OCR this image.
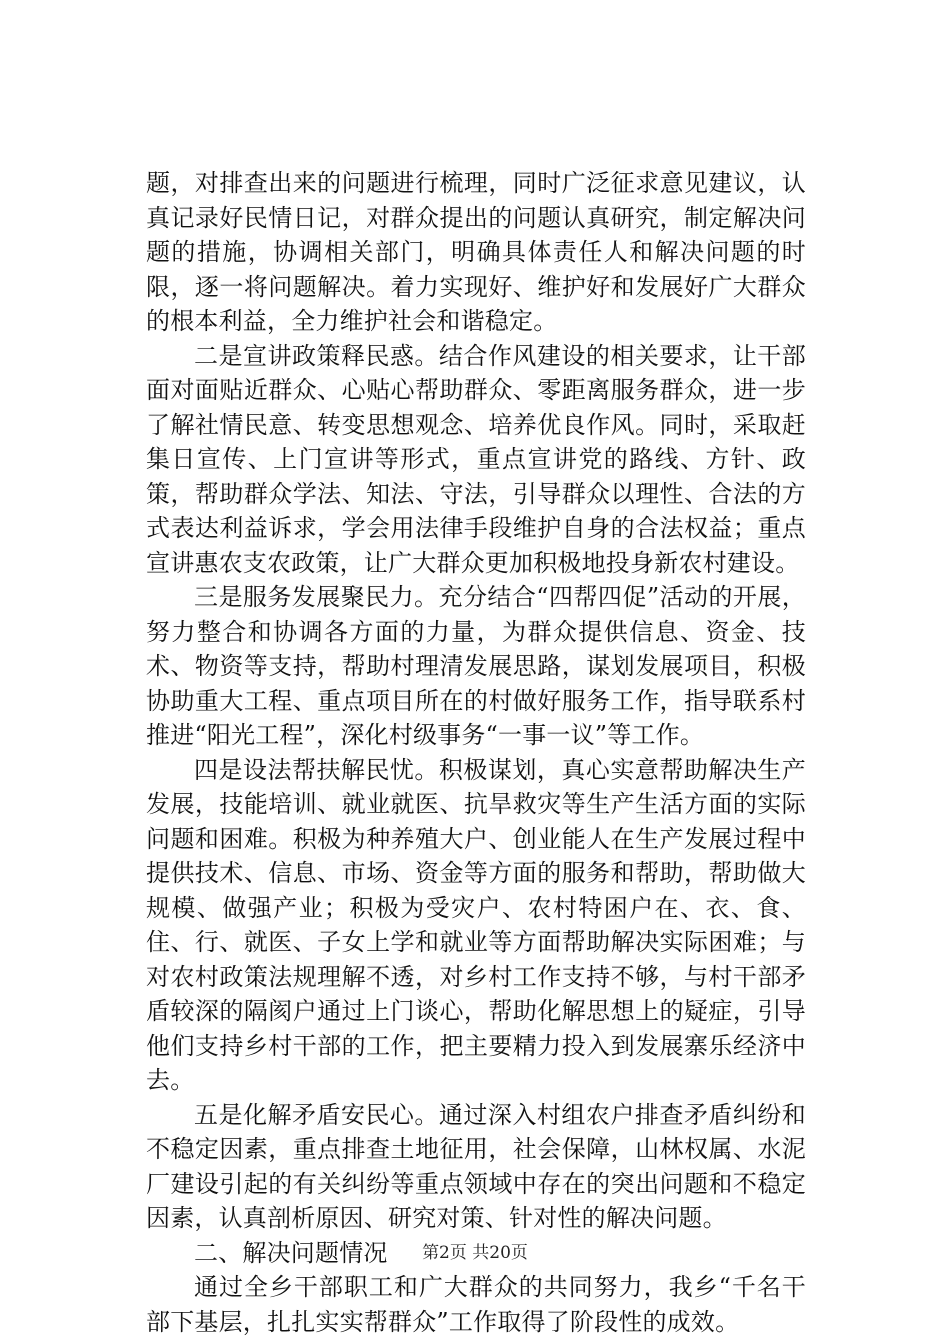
题，对排查出来的问题进行梳理，同时广泛征求意见建议，认真记录好民情日记，对群众提出的问题认真研究，制定解决问题的措施，协调相关部门，明确具体责任人和解决问题的时限，逐一将问题解决。着力实现好、维护好和发展好广大群众的根本利益，全力维护社会和谐稳定。

二是宣讲政策释民惑。结合作风建设的相关要求，让干部面对面贴近群众、心贴心帮助群众、零距离服务群众，进一步了解社情民意、转变思想观念、培养优良作风。同时，采取赶集日宣传、上门宣讲等形式，重点宣讲党的路线、方针、政策，帮助群众学法、知法、守法，引导群众以理性、合法的方式表达利益诉求，学会用法律手段维护自身的合法权益；重点宣讲惠农支农政策，让广大群众更加积极地投身新农村建设。

三是服务发展聚民力。充分结合“四帮四促”活动的开展，努力整合和协调各方面的力量，为群众提供信息、资金、技术、物资等支持，帮助村理清发展思路，谋划发展项目，积极协助重大工程、重点项目所在的村做好服务工作，指导联系村推进“阳光工程”，深化村级事务“一事一议”等工作。

四是设法帮扶解民忧。积极谋划，真心实意帮助解决生产发展，技能培训、就业就医、抗旱救灾等生产生活方面的实际问题和困难。积极为种养殖大户、创业能人在生产发展过程中提供技术、信息、市场、资金等方面的服务和帮助，帮助做大规模、做强产业；积极为受灾户、农村特困户在、衣、食、住、行、就医、子女上学和就业等方面帮助解决实际困难；与对农村政策法规理解不透，对乡村工作支持不够，与村干部矛盾较深的隔阂户通过上门谈心，帮助化解思想上的疑症，引导他们支持乡村干部的工作，把主要精力投入到发展寨乐经济中去。

五是化解矛盾安民心。通过深入村组农户排查矛盾纠纷和不稳定因素，重点排查土地征用，社会保障，山林权属、水泥厂建设引起的有关纠纷等重点领域中存在的突出问题和不稳定因素，认真剖析原因、研究对策、针对性的解决问题。

二、解决问题情况

通过全乡干部职工和广大群众的共同努力，我乡“千名干部下基层，扎扎实实帮群众”工作取得了阶段性的成效。

第2页 共20页
